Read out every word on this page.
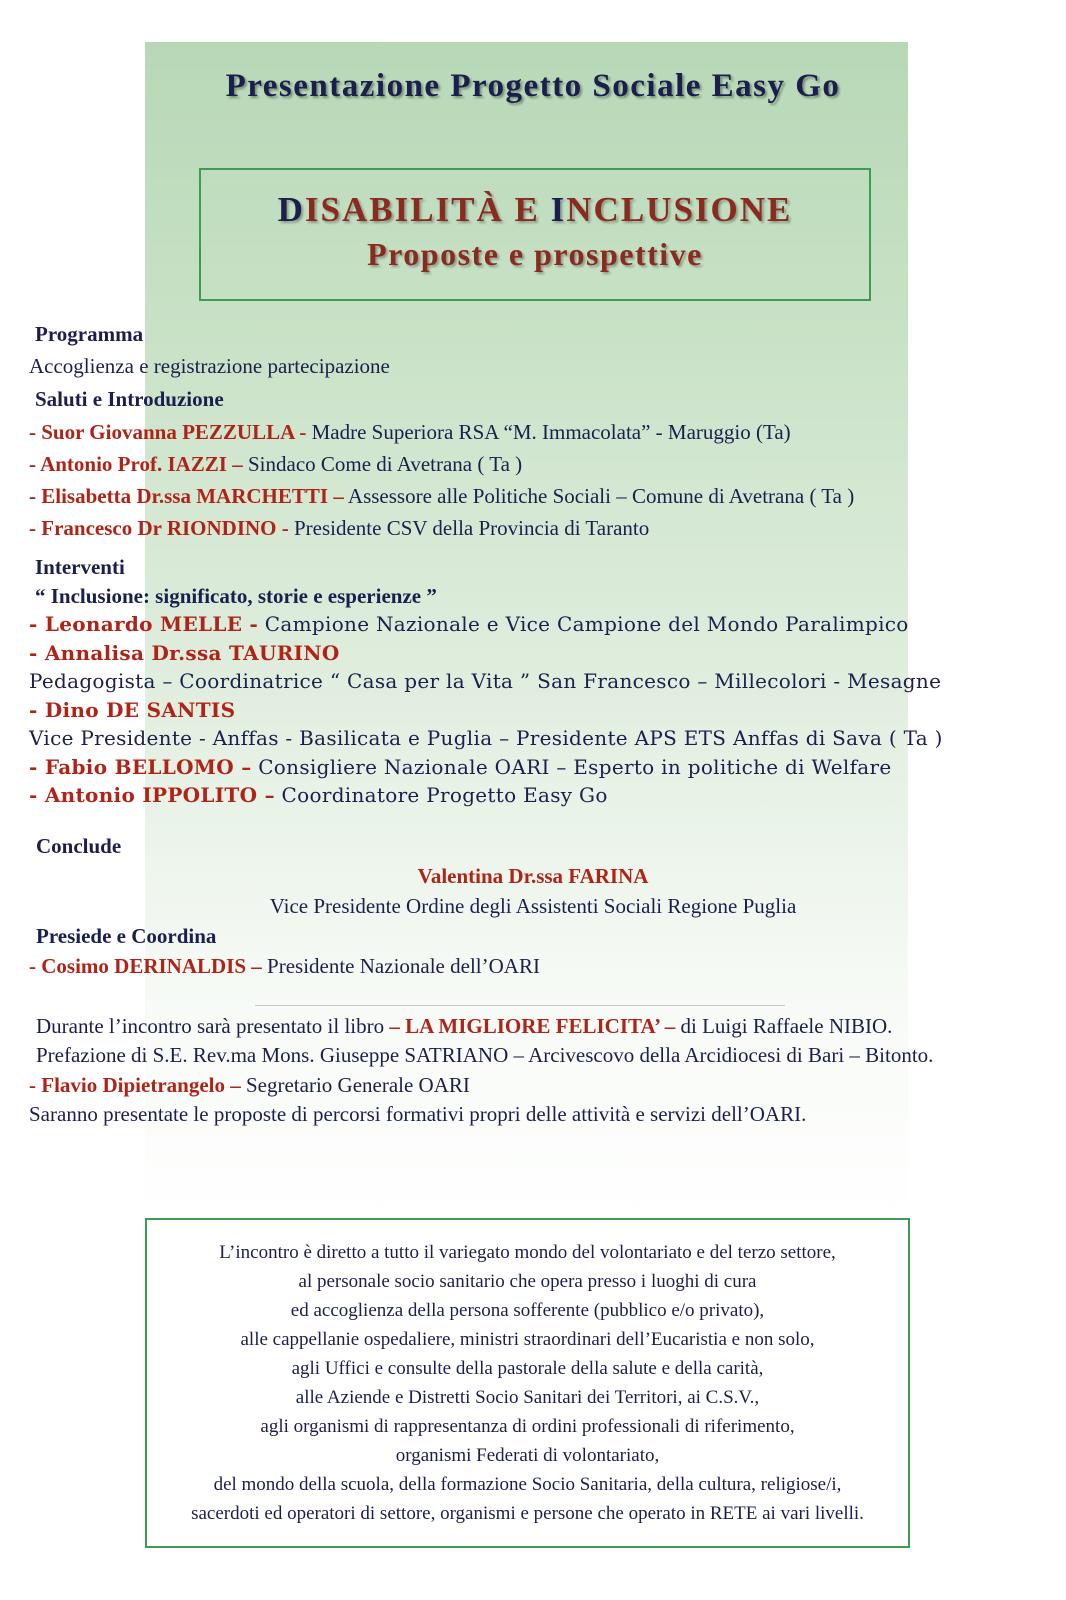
Presentazione Progetto Sociale Easy Go
DISABILITÀ E INCLUSIONE
Proposte e prospettive
Programma
Accoglienza e registrazione partecipazione
Saluti e Introduzione
- Suor Giovanna PEZZULLA - Madre Superiora RSA “M. Immacolata” - Maruggio (Ta)
- Antonio Prof. IAZZI – Sindaco Come di Avetrana ( Ta )
- Elisabetta Dr.ssa MARCHETTI – Assessore alle Politiche Sociali – Comune di Avetrana ( Ta )
- Francesco Dr RIONDINO - Presidente CSV della Provincia di Taranto
Interventi
“ Inclusione: significato, storie e esperienze ”
- Leonardo MELLE - Campione Nazionale e Vice Campione del Mondo Paralimpico
- Annalisa Dr.ssa TAURINO
Pedagogista – Coordinatrice “ Casa per la Vita ” San Francesco – Millecolori - Mesagne
- Dino DE SANTIS
Vice Presidente - Anffas - Basilicata e Puglia – Presidente APS ETS Anffas di Sava ( Ta )
- Fabio BELLOMO – Consigliere Nazionale OARI – Esperto in politiche di Welfare
- Antonio IPPOLITO – Coordinatore Progetto Easy Go
Conclude
Valentina Dr.ssa FARINA
Vice Presidente Ordine degli Assistenti Sociali Regione Puglia
Presiede e Coordina
- Cosimo DERINALDIS – Presidente Nazionale dell’OARI
Durante l’incontro sarà presentato il libro – LA MIGLIORE FELICITA’ – di Luigi Raffaele NIBIO.
Prefazione di S.E. Rev.ma Mons. Giuseppe SATRIANO – Arcivescovo della Arcidiocesi di Bari – Bitonto.
- Flavio Dipietrangelo – Segretario Generale OARI
Saranno presentate le proposte di percorsi formativi propri delle attività e servizi dell’OARI.
L’incontro è diretto a tutto il variegato mondo del volontariato e del terzo settore,
al personale socio sanitario che opera presso i luoghi di cura
ed accoglienza della persona sofferente (pubblico e/o privato),
alle cappellanie ospedaliere, ministri straordinari dell’Eucaristia e non solo,
agli Uffici e consulte della pastorale della salute e della carità,
alle Aziende e Distretti Socio Sanitari dei Territori, ai C.S.V.,
agli organismi di rappresentanza di ordini professionali di riferimento,
organismi Federati di volontariato,
del mondo della scuola, della formazione Socio Sanitaria, della cultura, religiose/i,
sacerdoti ed operatori di settore, organismi e persone che operato in RETE ai vari livelli.
